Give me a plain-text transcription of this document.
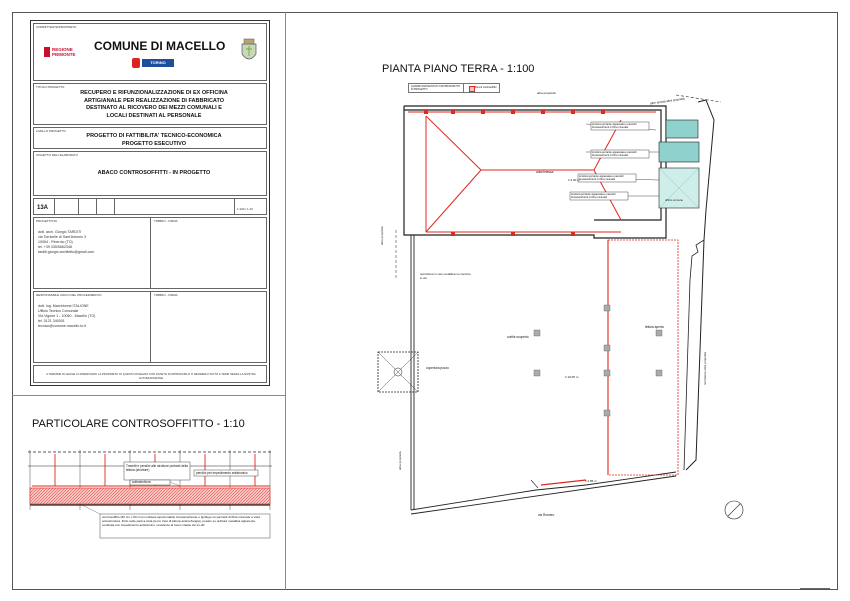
COMMITTENTE/PROPRIETA'
COMUNE DI MACELLO
REGIONE PIEMONTE
TORINO METROPOLI
TITOLO PROGETTO
RECUPERO E RIFUNZIONALIZZAZIONE DI EX OFFICINA
ARTIGIANALE PER REALIZZAZIONE DI FABBRICATO
DESTINATO AL RICOVERO DEI MEZZI COMUNALI E
LOCALI DESTINATI AL PERSONALE
LIVELLO PROGETTO
PROGETTO DI FATTIBILITA' TECNICO-ECONOMICA
PROGETTO ESECUTIVO
OGGETTO DELL'ELABORATO
ABACO CONTROSOFFITTI - IN PROGETTO
13A	1:100 / 1:10
PROGETTISTA	TIMBRO - FIRMA
dott. arch. Giorgio TARDITI
via Torricelle di Sant'Antonio 3
10064 - Pinerolo (TO)
tel. +39 335/5662348
tarditi.giorgio.architetto@gmail.com
RESPONSABILE UNICO DEL PROCEDIMENTO	TIMBRO - FIRMA
dott. ing. Marchionne ITALIONE
Ufficio Tecnico Comunale
Via Vigone 1 - 10060 - Macello (TO)
tel. 0121 340001
tecnico@comune.macello.to.it
A TERMINE DI LEGGE CI RISERVIAMO LA PROPRIETA' DI QUESTO DISEGNO CON DIVIETO DI RIPRODURLO O RENDERLO NOTO A TERZI SENZA LA NOSTRA AUTORIZZAZIONE
PARTICOLARE CONTROSOFFITTO - 1:10
Travetti e pendini alle strutture portanti della tettoia (strutture)
pendini per impedimento antisismico
sottostruttura
controsoffitto (60 cm x 60 cm) modulare ispezionabile fonoassorbente e ignifugo su pannelli di fibra minerale a vista sottostruttura, finito nelle parti a vista (le tre travi di pittura antica flangia), posato su orditura metallica apparente, costituita con impedimento antisismico, resistente al fuoco classe A2 s1-d0
PIANTA PIANO TERRA - 1:100
QUADRO RIASSUNTIVO CONTROSOFFITTI IN PROGETTO
fibra di controsoffitto
altra proprietà
altre sposta altra proprietà
autorimessa
h 3.00 m
ufficio comune
recinzione in rete metallica su zoccolo in cls
altra proprietà
cortile scoperto
tettoia aperta
copertura pozzo
h 10.05 m
altra proprietà
h 2.85 m
via Romero
recinzione altra proprietà
struttura portante appaesata e pannelli fonoassorbenti in fibra minerale
struttura portante appaesata e pannelli fonoassorbenti in fibra minerale
struttura portante appaesata e pannelli fonoassorbenti in fibra minerale
struttura portante appaesata e pannelli fonoassorbenti in fibra minerale
